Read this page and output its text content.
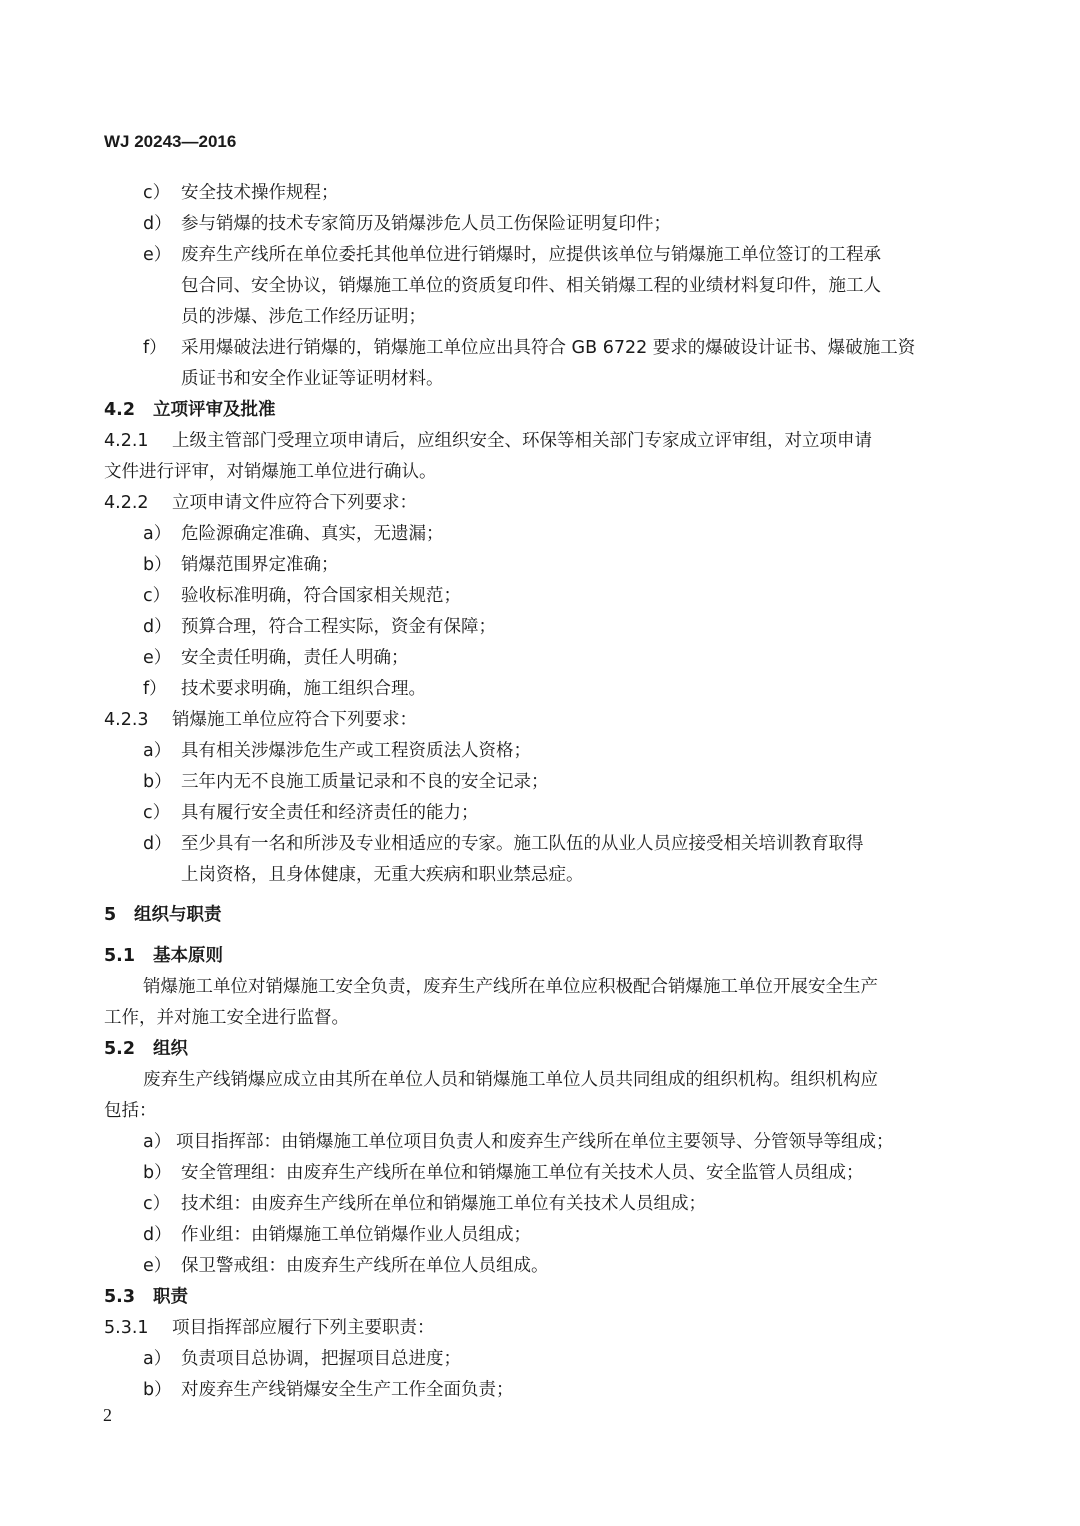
WJ 20243—2016
c） 安全技术操作规程；
d） 参与销爆的技术专家简历及销爆涉危人员工伤保险证明复印件；
e） 废弃生产线所在单位委托其他单位进行销爆时，应提供该单位与销爆施工单位签订的工程承
包合同、安全协议，销爆施工单位的资质复印件、相关销爆工程的业绩材料复印件，施工人
员的涉爆、涉危工作经历证明；
f） 采用爆破法进行销爆的，销爆施工单位应出具符合 GB 6722 要求的爆破设计证书、爆破施工资
质证书和安全作业证等证明材料。
4.2 立项评审及批准
4.2.1 上级主管部门受理立项申请后，应组织安全、环保等相关部门专家成立评审组，对立项申请
文件进行评审，对销爆施工单位进行确认。
4.2.2 立项申请文件应符合下列要求：
a） 危险源确定准确、真实，无遗漏；
b） 销爆范围界定准确；
c） 验收标准明确，符合国家相关规范；
d） 预算合理，符合工程实际，资金有保障；
e） 安全责任明确，责任人明确；
f） 技术要求明确，施工组织合理。
4.2.3 销爆施工单位应符合下列要求：
a） 具有相关涉爆涉危生产或工程资质法人资格；
b） 三年内无不良施工质量记录和不良的安全记录；
c） 具有履行安全责任和经济责任的能力；
d） 至少具有一名和所涉及专业相适应的专家。施工队伍的从业人员应接受相关培训教育取得
上岗资格，且身体健康，无重大疾病和职业禁忌症。
5 组织与职责
5.1 基本原则
销爆施工单位对销爆施工安全负责，废弃生产线所在单位应积极配合销爆施工单位开展安全生产
工作，并对施工安全进行监督。
5.2 组织
废弃生产线销爆应成立由其所在单位人员和销爆施工单位人员共同组成的组织机构。组织机构应
包括：
a） 项目指挥部：由销爆施工单位项目负责人和废弃生产线所在单位主要领导、分管领导等组成；
b） 安全管理组：由废弃生产线所在单位和销爆施工单位有关技术人员、安全监管人员组成；
c） 技术组：由废弃生产线所在单位和销爆施工单位有关技术人员组成；
d） 作业组：由销爆施工单位销爆作业人员组成；
e） 保卫警戒组：由废弃生产线所在单位人员组成。
5.3 职责
5.3.1 项目指挥部应履行下列主要职责：
a） 负责项目总协调，把握项目总进度；
b） 对废弃生产线销爆安全生产工作全面负责；
2
